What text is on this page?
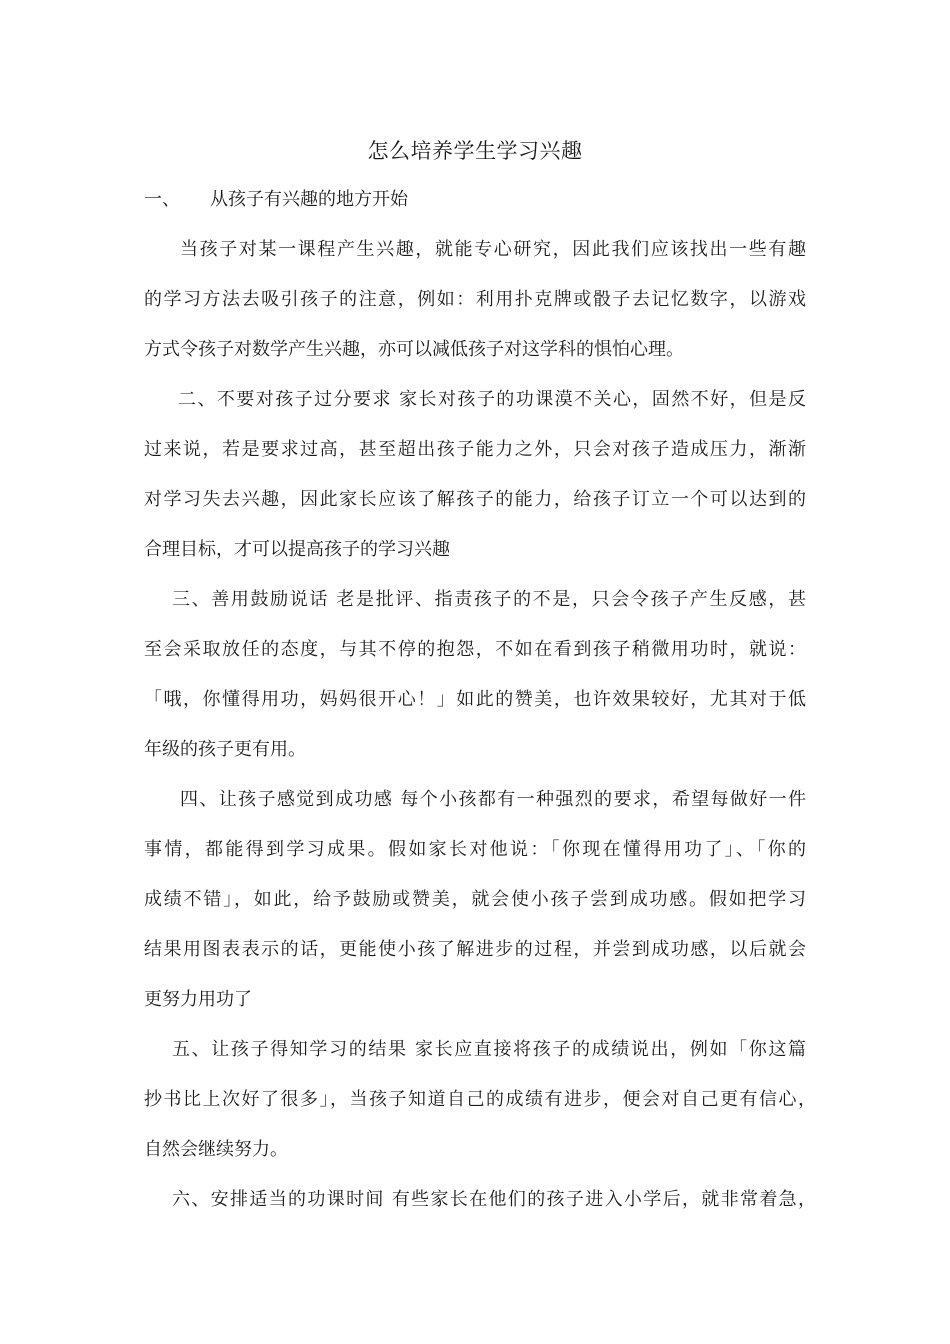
怎么培养学生学习兴趣
一、 从孩子有兴趣的地方开始
当孩子对某一课程产生兴趣，就能专心研究，因此我们应该找出一些有趣
的学习方法去吸引孩子的注意，例如：利用扑克牌或骰子去记忆数字，以游戏
方式令孩子对数学产生兴趣，亦可以减低孩子对这学科的惧怕心理。
二、不要对孩子过分要求 家长对孩子的功课漠不关心，固然不好，但是反
过来说，若是要求过高，甚至超出孩子能力之外，只会对孩子造成压力，渐渐
对学习失去兴趣，因此家长应该了解孩子的能力，给孩子订立一个可以达到的
合理目标，才可以提高孩子的学习兴趣
三、善用鼓励说话 老是批评、指责孩子的不是，只会令孩子产生反感，甚
至会采取放任的态度，与其不停的抱怨，不如在看到孩子稍微用功时，就说：
「哦，你懂得用功，妈妈很开心！」如此的赞美，也许效果较好，尤其对于低
年级的孩子更有用。
四、让孩子感觉到成功感 每个小孩都有一种强烈的要求，希望每做好一件
事情，都能得到学习成果。假如家长对他说：「你现在懂得用功了」、「你的
成绩不错」，如此，给予鼓励或赞美，就会使小孩子尝到成功感。假如把学习
结果用图表表示的话，更能使小孩了解进步的过程，并尝到成功感，以后就会
更努力用功了
五、让孩子得知学习的结果 家长应直接将孩子的成绩说出，例如「你这篇
抄书比上次好了很多」，当孩子知道自己的成绩有进步，便会对自己更有信心，
自然会继续努力。
六、安排适当的功课时间 有些家长在他们的孩子进入小学后，就非常着急，
